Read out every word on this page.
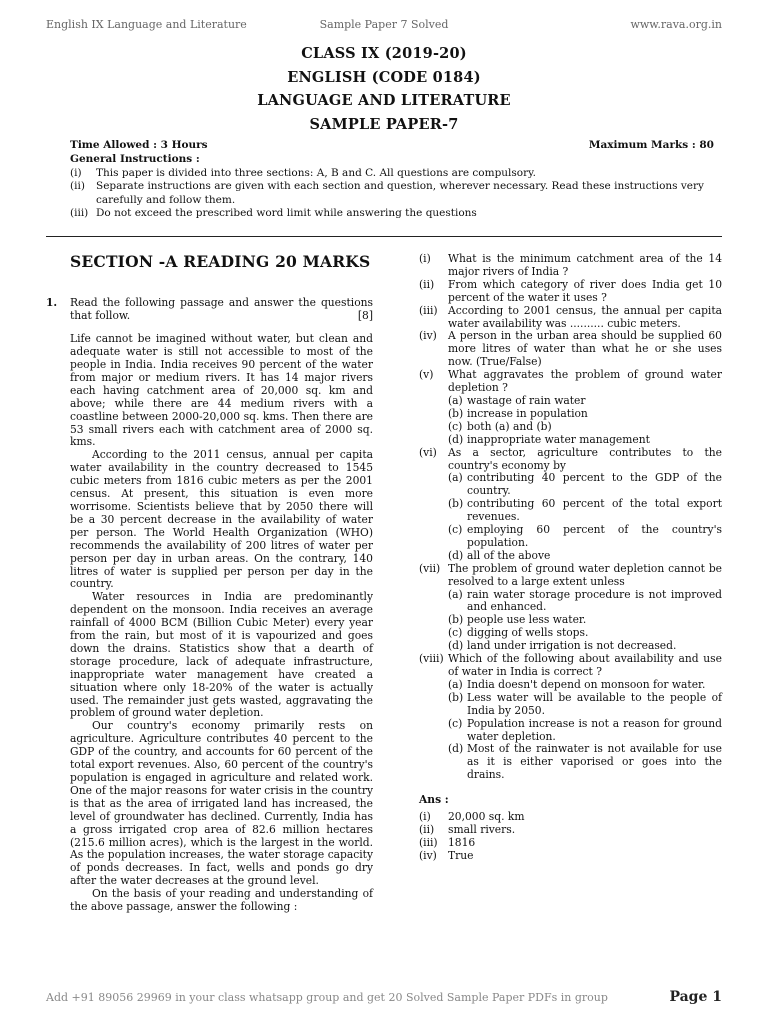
English IX Language and Literature	Sample Paper 7 Solved	www.rava.org.in
CLASS IX (2019-20)
ENGLISH (CODE 0184)
LANGUAGE AND LITERATURE
SAMPLE PAPER-7
Time Allowed : 3 Hours	Maximum Marks : 80
General Instructions :
(i)	This paper is divided into three sections: A, B and C. All questions are compulsory.
(ii)	Separate instructions are given with each section and question, wherever necessary. Read these instructions very carefully and follow them.
(iii) Do not exceed the prescribed word limit while answering the questions
SECTION -A READING 20 MARKS
1. Read the following passage and answer the questions that follow.	[8]

Life cannot be imagined without water, but clean and adequate water is still not accessible to most of the people in India. India receives 90 percent of the water from major or medium rivers. It has 14 major rivers each having catchment area of 20,000 sq. km and above; while there are 44 medium rivers with a coastline between 2000-20,000 sq. kms. Then there are 53 small rivers each with catchment area of 2000 sq. kms.

According to the 2011 census, annual per capita water availability in the country decreased to 1545 cubic meters from 1816 cubic meters as per the 2001 census. At present, this situation is even more worrisome. Scientists believe that by 2050 there will be a 30 percent decrease in the availability of water per person. The World Health Organization (WHO) recommends the availability of 200 litres of water per person per day in urban areas. On the contrary, 140 litres of water is supplied per person per day in the country.

Water resources in India are predominantly dependent on the monsoon. India receives an average rainfall of 4000 BCM (Billion Cubic Meter) every year from the rain, but most of it is vapourized and goes down the drains. Statistics show that a dearth of storage procedure, lack of adequate infrastructure, inappropriate water management have created a situation where only 18-20% of the water is actually used. The remainder just gets wasted, aggravating the problem of ground water depletion.

Our country's economy primarily rests on agriculture. Agriculture contributes 40 percent to the GDP of the country, and accounts for 60 percent of the total export revenues. Also, 60 percent of the country's population is engaged in agriculture and related work. One of the major reasons for water crisis in the country is that as the area of irrigated land has increased, the level of groundwater has declined. Currently, India has a gross irrigated crop area of 82.6 million hectares (215.6 million acres), which is the largest in the world. As the population increases, the water storage capacity of ponds decreases. In fact, wells and ponds go dry after the water decreases at the ground level.

On the basis of your reading and understanding of the above passage, answer the following :

(i)	What is the minimum catchment area of the 14 major rivers of India ?
(ii)	From which category of river does India get 10 percent of the water it uses ?
(iii) According to 2001 census, the annual per capita water availability was .......... cubic meters.
(iv)	A person in the urban area should be supplied 60 more litres of water than what he or she uses now. (True/False)
(v)	What aggravates the problem of ground water depletion ?
(a) wastage of rain water
(b) increase in population
(c) both (a) and (b)
(d) inappropriate water management
(vi)	As a sector, agriculture contributes to the country's economy by
(a) contributing 40 percent to the GDP of the country.
(b) contributing 60 percent of the total export revenues.
(c) employing 60 percent of the country's population.
(d) all of the above
(vii) The problem of ground water depletion cannot be resolved to a large extent unless
(a) rain water storage procedure is not improved and enhanced.
(b) people use less water.
(c) digging of wells stops.
(d) land under irrigation is not decreased.
(viii) Which of the following about availability and use of water in India is correct ?
(a) India doesn't depend on monsoon for water.
(b) Less water will be available to the people of India by 2050.
(c) Population increase is not a reason for ground water depletion.
(d) Most of the rainwater is not available for use as it is either vaporised or goes into the drains.
Ans :
(i)	20,000 sq. km
(ii)	small rivers.
(iii) 1816
(iv)	True
Add +91 89056 29969 in your class whatsapp group and get 20 Solved Sample Paper PDFs in group	Page 1
